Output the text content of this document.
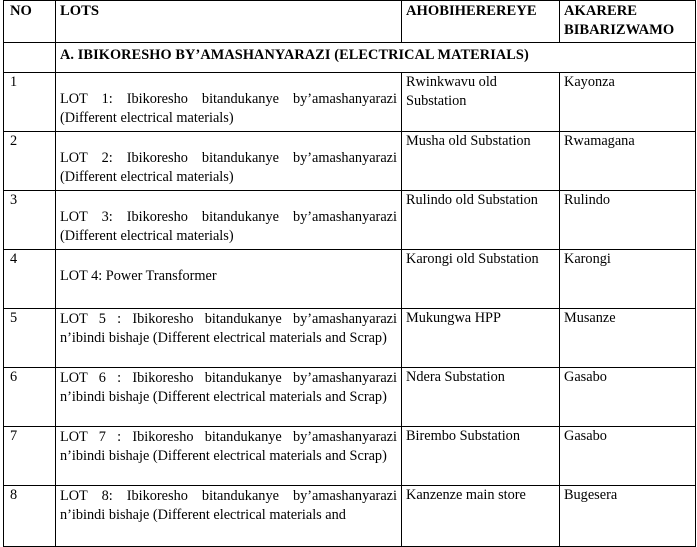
NO	LOTS	AHOBIHEREREYE	AKARERE BIBARIZWAMO
	A. IBIKORESHO BY’AMASHANYARAZI (ELECTRICAL MATERIALS)		
1	LOT 1: Ibikoresho bitandukanye by’amashanyarazi (Different electrical materials)	Rwinkwavu old Substation	Kayonza
2	LOT 2: Ibikoresho bitandukanye by’amashanyarazi (Different electrical materials)	Musha old Substation	Rwamagana
3	LOT 3: Ibikoresho bitandukanye by’amashanyarazi (Different electrical materials)	Rulindo old Substation	Rulindo
4	LOT 4: Power Transformer	Karongi old Substation	Karongi
5	LOT 5 : Ibikoresho bitandukanye by’amashanyarazi n’ibindi bishaje (Different electrical materials and Scrap)	Mukungwa HPP	Musanze
6	LOT 6 : Ibikoresho bitandukanye by’amashanyarazi n’ibindi bishaje (Different electrical materials and Scrap)	Ndera Substation	Gasabo
7	LOT 7 : Ibikoresho bitandukanye by’amashanyarazi n’ibindi bishaje (Different electrical materials and Scrap)	Birembo Substation	Gasabo
8	LOT 8: Ibikoresho bitandukanye by’amashanyarazi n’ibindi bishaje (Different electrical materials and	Kanzenze main store	Bugesera
